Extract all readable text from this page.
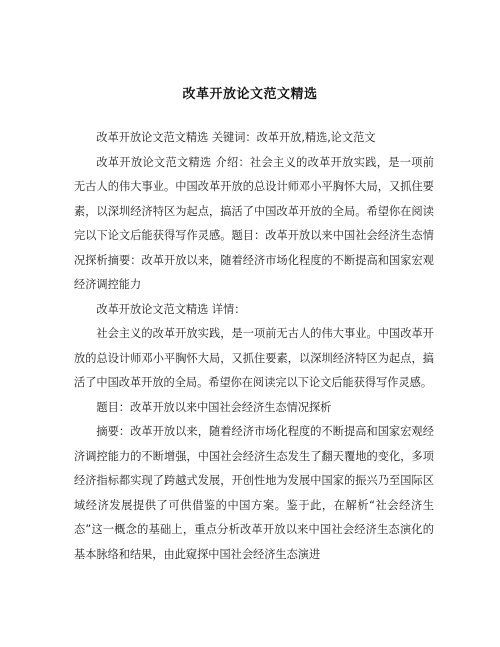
改革开放论文范文精选

改革开放论文范文精选 关键词：改革开放,精选,论文范文

改革开放论文范文精选 介绍：社会主义的改革开放实践，是一项前无古人的伟大事业。中国改革开放的总设计师邓小平胸怀大局，又抓住要素，以深圳经济特区为起点，搞活了中国改革开放的全局。希望你在阅读完以下论文后能获得写作灵感。题目：改革开放以来中国社会经济生态情况探析摘要：改革开放以来，随着经济市场化程度的不断提高和国家宏观经济调控能力

改革开放论文范文精选 详情：

社会主义的改革开放实践，是一项前无古人的伟大事业。中国改革开放的总设计师邓小平胸怀大局，又抓住要素，以深圳经济特区为起点，搞活了中国改革开放的全局。希望你在阅读完以下论文后能获得写作灵感。

题目：改革开放以来中国社会经济生态情况探析

摘要：改革开放以来，随着经济市场化程度的不断提高和国家宏观经济调控能力的不断增强，中国社会经济生态发生了翻天覆地的变化，多项经济指标都实现了跨越式发展，开创性地为发展中国家的振兴乃至国际区域经济发展提供了可供借鉴的中国方案。鉴于此，在解析“社会经济生态”这一概念的基础上，重点分析改革开放以来中国社会经济生态演化的基本脉络和结果，由此窥探中国社会经济生态演进
